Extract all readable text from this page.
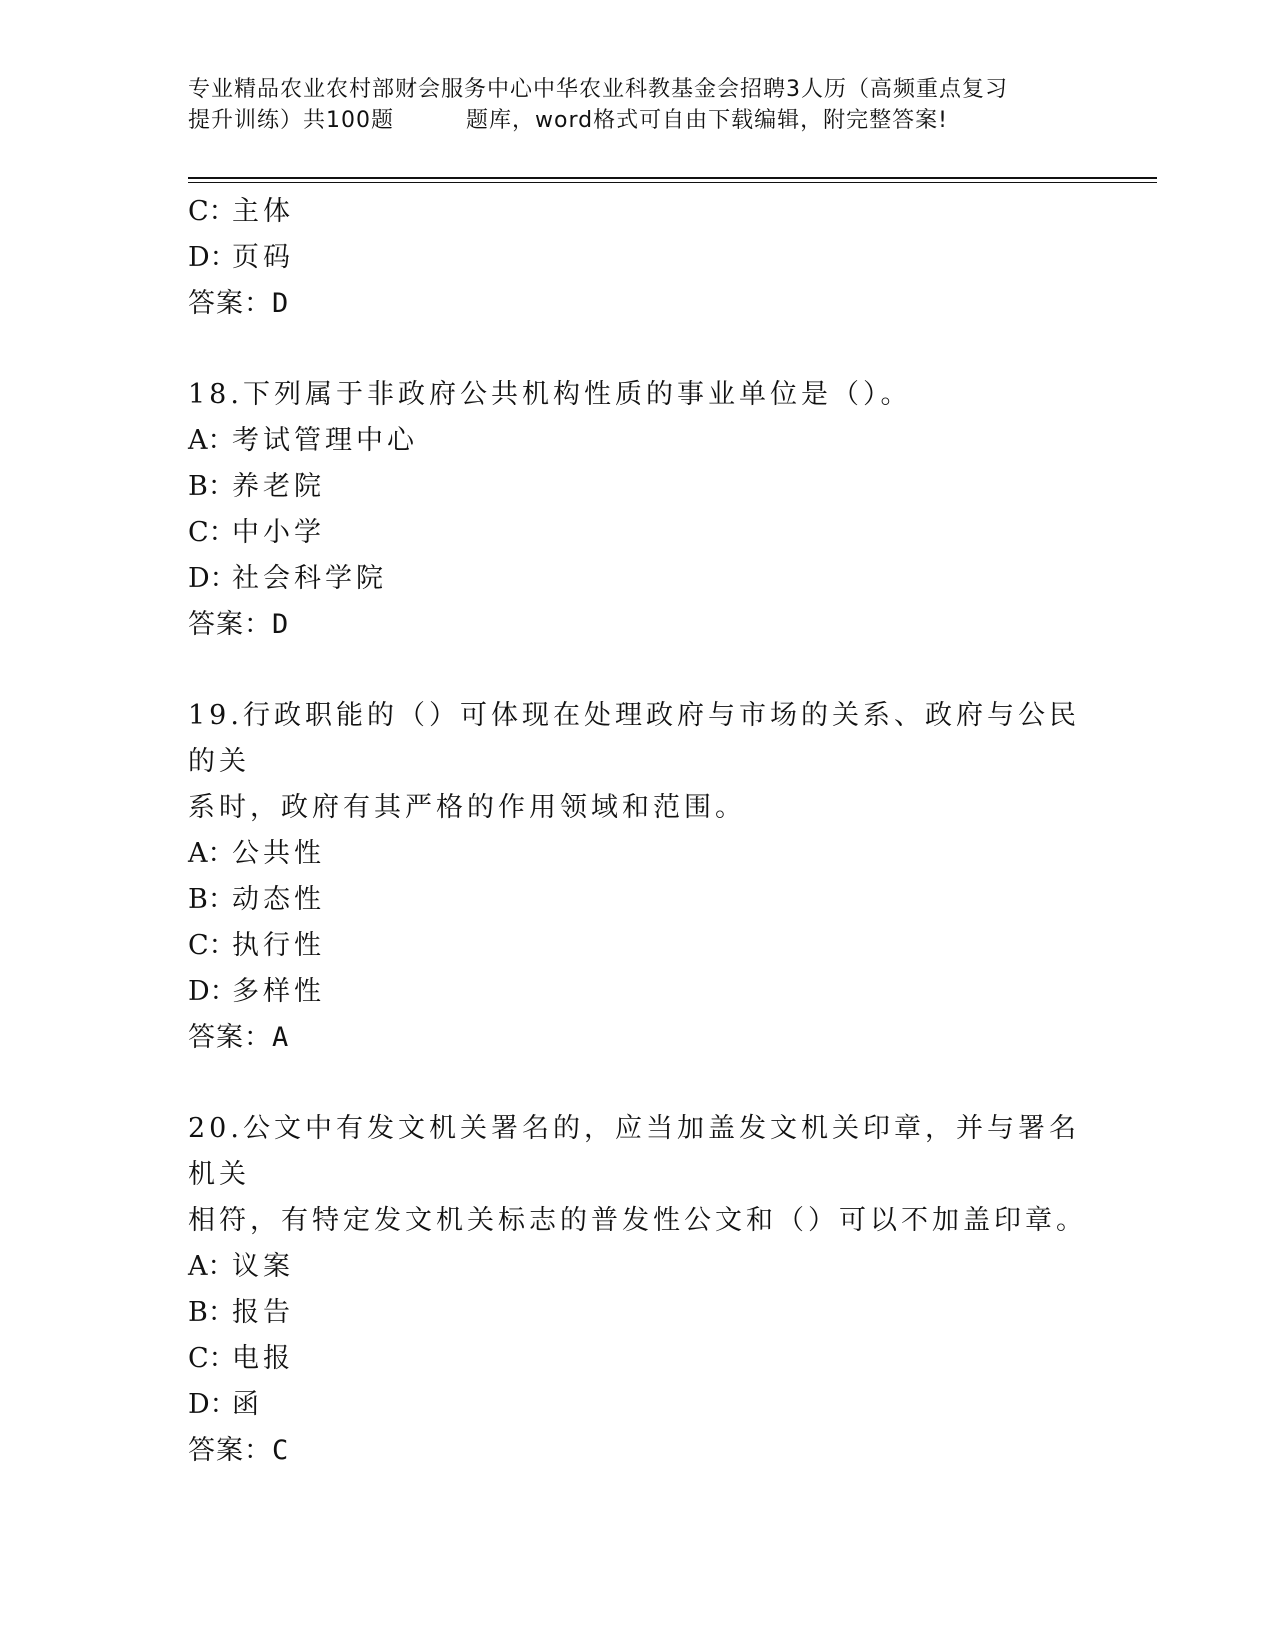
专业精品农业农村部财会服务中心中华农业科教基金会招聘3人历（高频重点复习
提升训练）共100题	题库，word格式可自由下载编辑，附完整答案!
C：主体
D：页码
答案：D
18.下列属于非政府公共机构性质的事业单位是（）。
A：考试管理中心
B：养老院
C：中小学
D：社会科学院
答案：D
19.行政职能的（）可体现在处理政府与市场的关系、政府与公民的关
系时，政府有其严格的作用领域和范围。
A：公共性
B：动态性
C：执行性
D：多样性
答案：A
20.公文中有发文机关署名的，应当加盖发文机关印章，并与署名机关
相符，有特定发文机关标志的普发性公文和（）可以不加盖印章。
A：议案
B：报告
C：电报
D：函
答案：C
